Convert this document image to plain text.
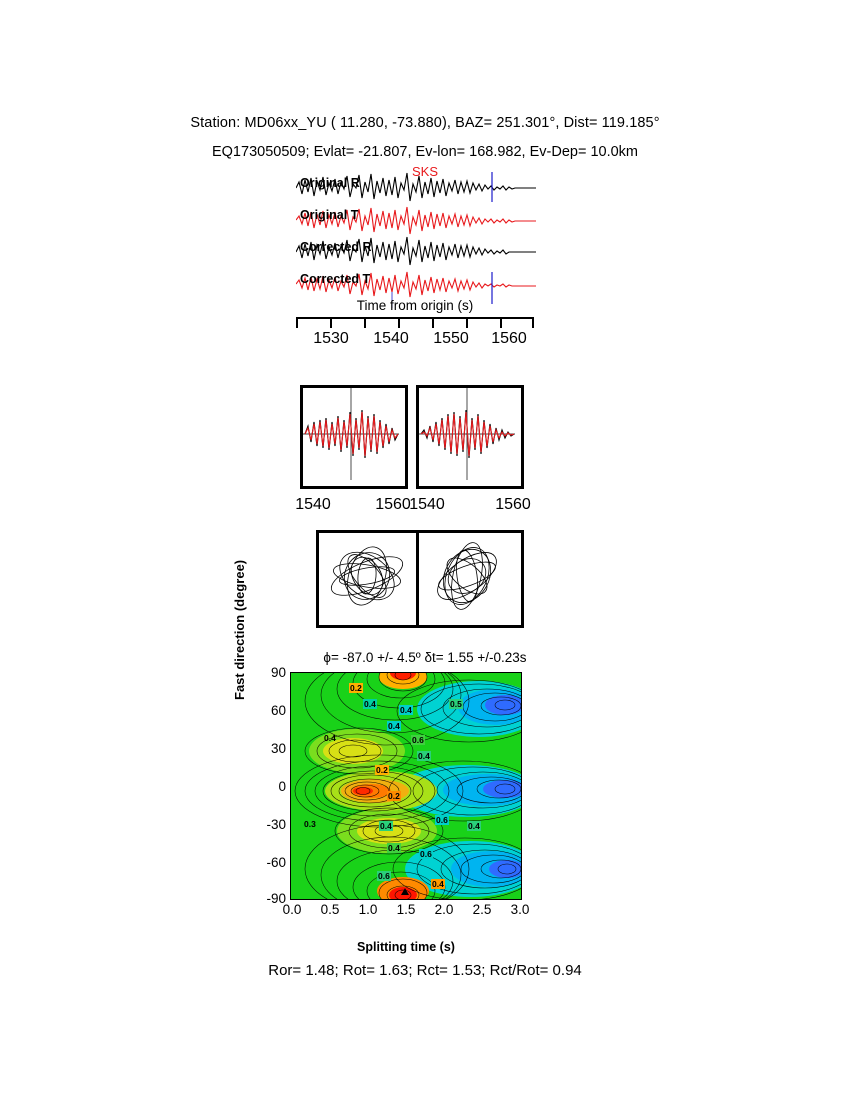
Station: MD06xx_YU ( 11.280, -73.880), BAZ= 251.301°, Dist= 119.185°
EQ173050509; Evlat= -21.807, Ev-lon= 168.982, Ev-Dep= 10.0km
Original R
Original T
Corrected R
Corrected T
SKS
Time from origin (s)
1530 1540 1550 1560
1540	1560
1540	1560
ϕ= -87.0 +/- 4.5º δt= 1.55 +/-0.23s
Fast direction (degree)	90
60
30
0
-30
-60
-90
0.2
0.4
0.4
0.5
0.4
0.4	0.6
0.4
0.2
0.2
0.3	0.4
0.6
0.4
0.4
0.6
0.6
0.4
0.0	0.5	1.0	1.5	2.0	2.5	3.0
Splitting time (s)
Ror= 1.48; Rot= 1.63; Rct= 1.53; Rct/Rot= 0.94
